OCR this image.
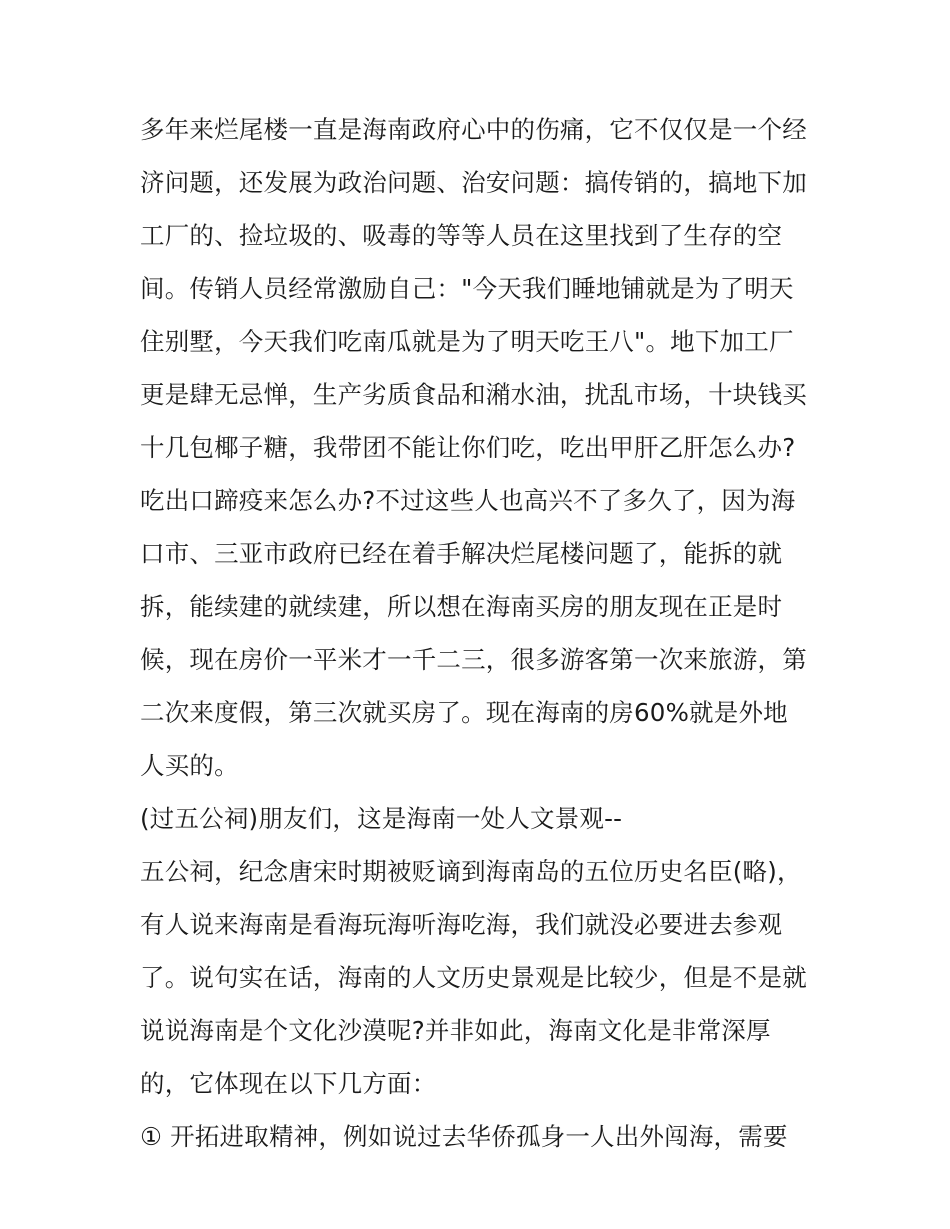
多年来烂尾楼一直是海南政府心中的伤痛，它不仅仅是一个经
济问题，还发展为政治问题、治安问题：搞传销的，搞地下加
工厂的、捡垃圾的、吸毒的等等人员在这里找到了生存的空
间。传销人员经常激励自己："今天我们睡地铺就是为了明天
住别墅，今天我们吃南瓜就是为了明天吃王八"。地下加工厂
更是肆无忌惮，生产劣质食品和潲水油，扰乱市场，十块钱买
十几包椰子糖，我带团不能让你们吃，吃出甲肝乙肝怎么办?
吃出口蹄疫来怎么办?不过这些人也高兴不了多久了，因为海
口市、三亚市政府已经在着手解决烂尾楼问题了，能拆的就
拆，能续建的就续建，所以想在海南买房的朋友现在正是时
候，现在房价一平米才一千二三，很多游客第一次来旅游，第
二次来度假，第三次就买房了。现在海南的房60%就是外地
人买的。
(过五公祠)朋友们，这是海南一处人文景观--
五公祠，纪念唐宋时期被贬谪到海南岛的五位历史名臣(略)，
有人说来海南是看海玩海听海吃海，我们就没必要进去参观
了。说句实在话，海南的人文历史景观是比较少，但是不是就
说说海南是个文化沙漠呢?并非如此，海南文化是非常深厚
的，它体现在以下几方面：
① 开拓进取精神，例如说过去华侨孤身一人出外闯海，需要
